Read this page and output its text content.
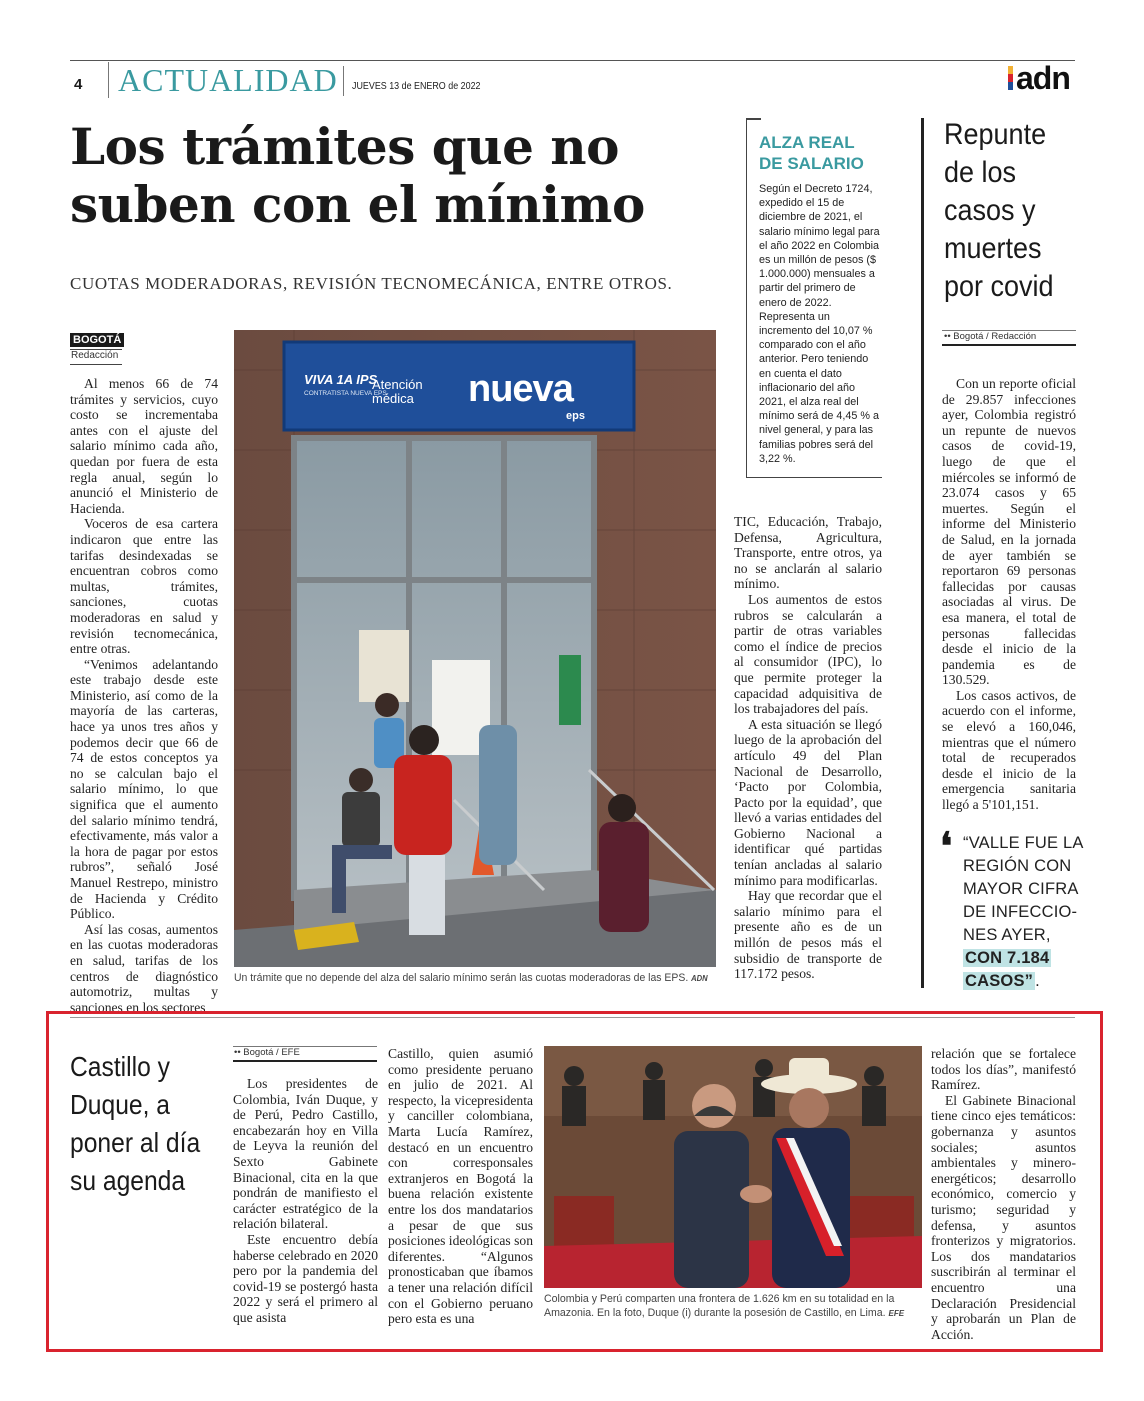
4 ACTUALIDAD JUEVES 13 de ENERO de 2022	adn
Los trámites que no
suben con el mínimo
CUOTAS MODERADORAS, REVISIÓN TECNOMECÁNICA, ENTRE OTROS.
BOGOTÁ
Redacción

Al menos 66 de 74 trámites y servicios, cuyo costo se incrementaba antes con el ajuste del salario mínimo cada año, quedan por fuera de esta regla anual, según lo anunció el Ministerio de Hacienda.

Voceros de esa cartera indicaron que entre las tarifas desindexadas se encuentran cobros como multas, trámites, sanciones, cuotas moderadoras en salud y revisión tecnomecánica, entre otras.

“Venimos adelantando este trabajo desde este Ministerio, así como de la mayoría de las carteras, hace ya unos tres años y podemos decir que 66 de 74 de estos conceptos ya no se calculan bajo el salario mínimo, lo que significa que el aumento del salario mínimo tendrá, efectivamente, más valor a la hora de pagar por estos rubros”, señaló José Manuel Restrepo, ministro de Hacienda y Crédito Público.

Así las cosas, aumentos en las cuotas moderadoras en salud, tarifas de los centros de diagnóstico automotriz, multas y sanciones en los sectores

VIVA 1A IPS
CONTRATISTA NUEVA EPS
Atención médica	nueva
eps
Un trámite que no depende del alza del salario mínimo serán las cuotas moderadoras de las EPS. ADN

TIC, Educación, Trabajo, Defensa, Agricultura, Transporte, entre otros, ya no se anclarán al salario mínimo.

Los aumentos de estos rubros se calcularán a partir de otras variables como el índice de precios al consumidor (IPC), lo que permite proteger la capacidad adquisitiva de los trabajadores del país.

A esta situación se llegó luego de la aprobación del artículo 49 del Plan Nacional de Desarrollo, ‘Pacto por Colombia, Pacto por la equidad’, que llevó a varias entidades del Gobierno Nacional a identificar qué partidas tenían ancladas al salario mínimo para modificarlas.

Hay que recordar que el salario mínimo para el presente año es de un millón de pesos más el subsidio de transporte de 117.172 pesos.

ALZA REAL
DE SALARIO
Según el Decreto 1724, expedido el 15 de diciembre de 2021, el salario mínimo legal para el año 2022 en Colombia es un millón de pesos ($ 1.000.000) mensuales a partir del primero de enero de 2022. Representa un incremento del 10,07 % comparado con el año anterior. Pero teniendo en cuenta el dato inflacionario del año 2021, el alza real del mínimo será de 4,45 % a nivel general, y para las familias pobres será del 3,22 %.
Repunte
de los
casos y
muertes
por covid
•• Bogotá / Redacción

Con un reporte oficial de 29.857 infecciones ayer, Colombia registró un repunte de nuevos casos de covid-19, luego de que el miércoles se informó de 23.074 casos y 65 muertes. Según el informe del Ministerio de Salud, en la jornada de ayer también se reportaron 69 personas fallecidas por causas asociadas al virus. De esa manera, el total de personas fallecidas desde el inicio de la pandemia es de 130.529.

Los casos activos, de acuerdo con el informe, se elevó a 160,046, mientras que el número total de recuperados desde el inicio de la emergencia sanitaria llegó a 5'101,151.

❛ “VALLE FUE LA
REGIÓN CON
MAYOR CIFRA
DE INFECCIO-
NES AYER,
CON 7.184
CASOS” .
Castillo y
Duque, a
poner al día
su agenda
•• Bogotá / EFE

Los presidentes de Colombia, Iván Duque, y de Perú, Pedro Castillo, encabezarán hoy en Villa de Leyva la reunión del Sexto Gabinete Binacional, cita en la que pondrán de manifiesto el carácter estratégico de la relación bilateral.

Este encuentro debía haberse celebrado en 2020 pero por la pandemia del covid-19 se postergó hasta 2022 y será el primero al que asista

Castillo, quien asumió como presidente peruano en julio de 2021. Al respecto, la vicepresidenta y canciller colombiana, Marta Lucía Ramírez, destacó en un encuentro con corresponsales extranjeros en Bogotá la buena relación existente entre los dos mandatarios a pesar de que sus posiciones ideológicas son diferentes. “Algunos pronosticaban que íbamos a tener una relación difícil con el Gobierno peruano pero esta es una

Colombia y Perú comparten una frontera de 1.626 km en su totalidad en la Amazonia. En la foto, Duque (i) durante la posesión de Castillo, en Lima. EFE

relación que se fortalece todos los días”, manifestó Ramírez.

El Gabinete Binacional tiene cinco ejes temáticos: gobernanza y asuntos sociales; asuntos ambientales y minero-energéticos; desarrollo económico, comercio y turismo; seguridad y defensa, y asuntos fronterizos y migratorios. Los dos mandatarios suscribirán al terminar el encuentro una Declaración Presidencial y aprobarán un Plan de Acción.
